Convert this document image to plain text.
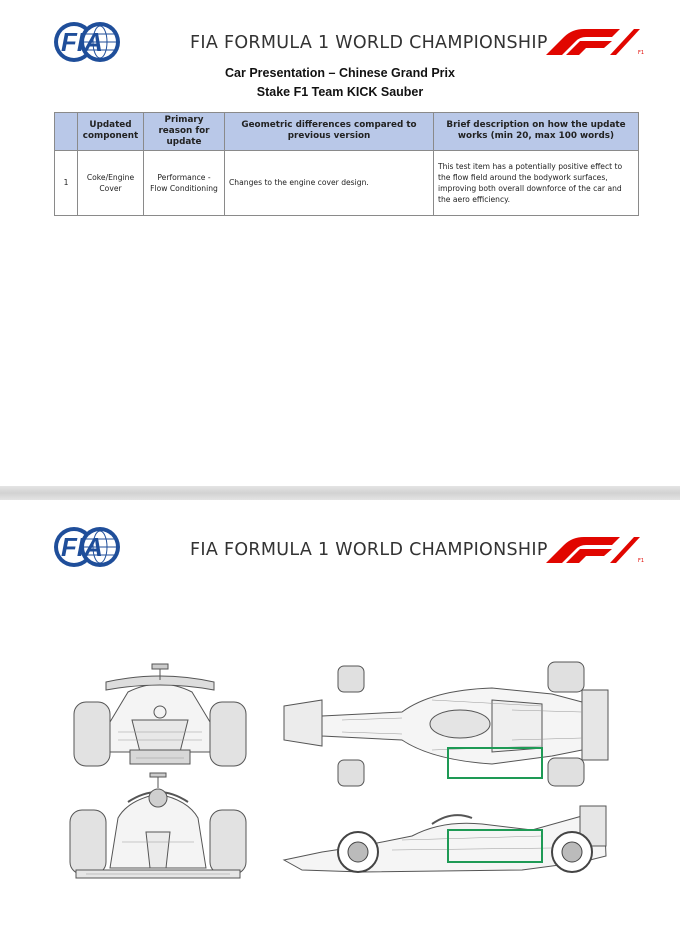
FIA	FIA FORMULA 1 WORLD CHAMPIONSHIP	F1
Car Presentation – Chinese Grand Prix
Stake F1 Team KICK Sauber
	Updated component	Primary reason for update	Geometric differences compared to previous version	Brief description on how the update works (min 20, max 100 words)
1	Coke/Engine Cover	Performance - Flow Conditioning	Changes to the engine cover design.	This test item has a potentially positive effect to the flow field around the bodywork surfaces, improving both overall downforce of the car and the aero efficiency.
FIA	FIA FORMULA 1 WORLD CHAMPIONSHIP
F1
